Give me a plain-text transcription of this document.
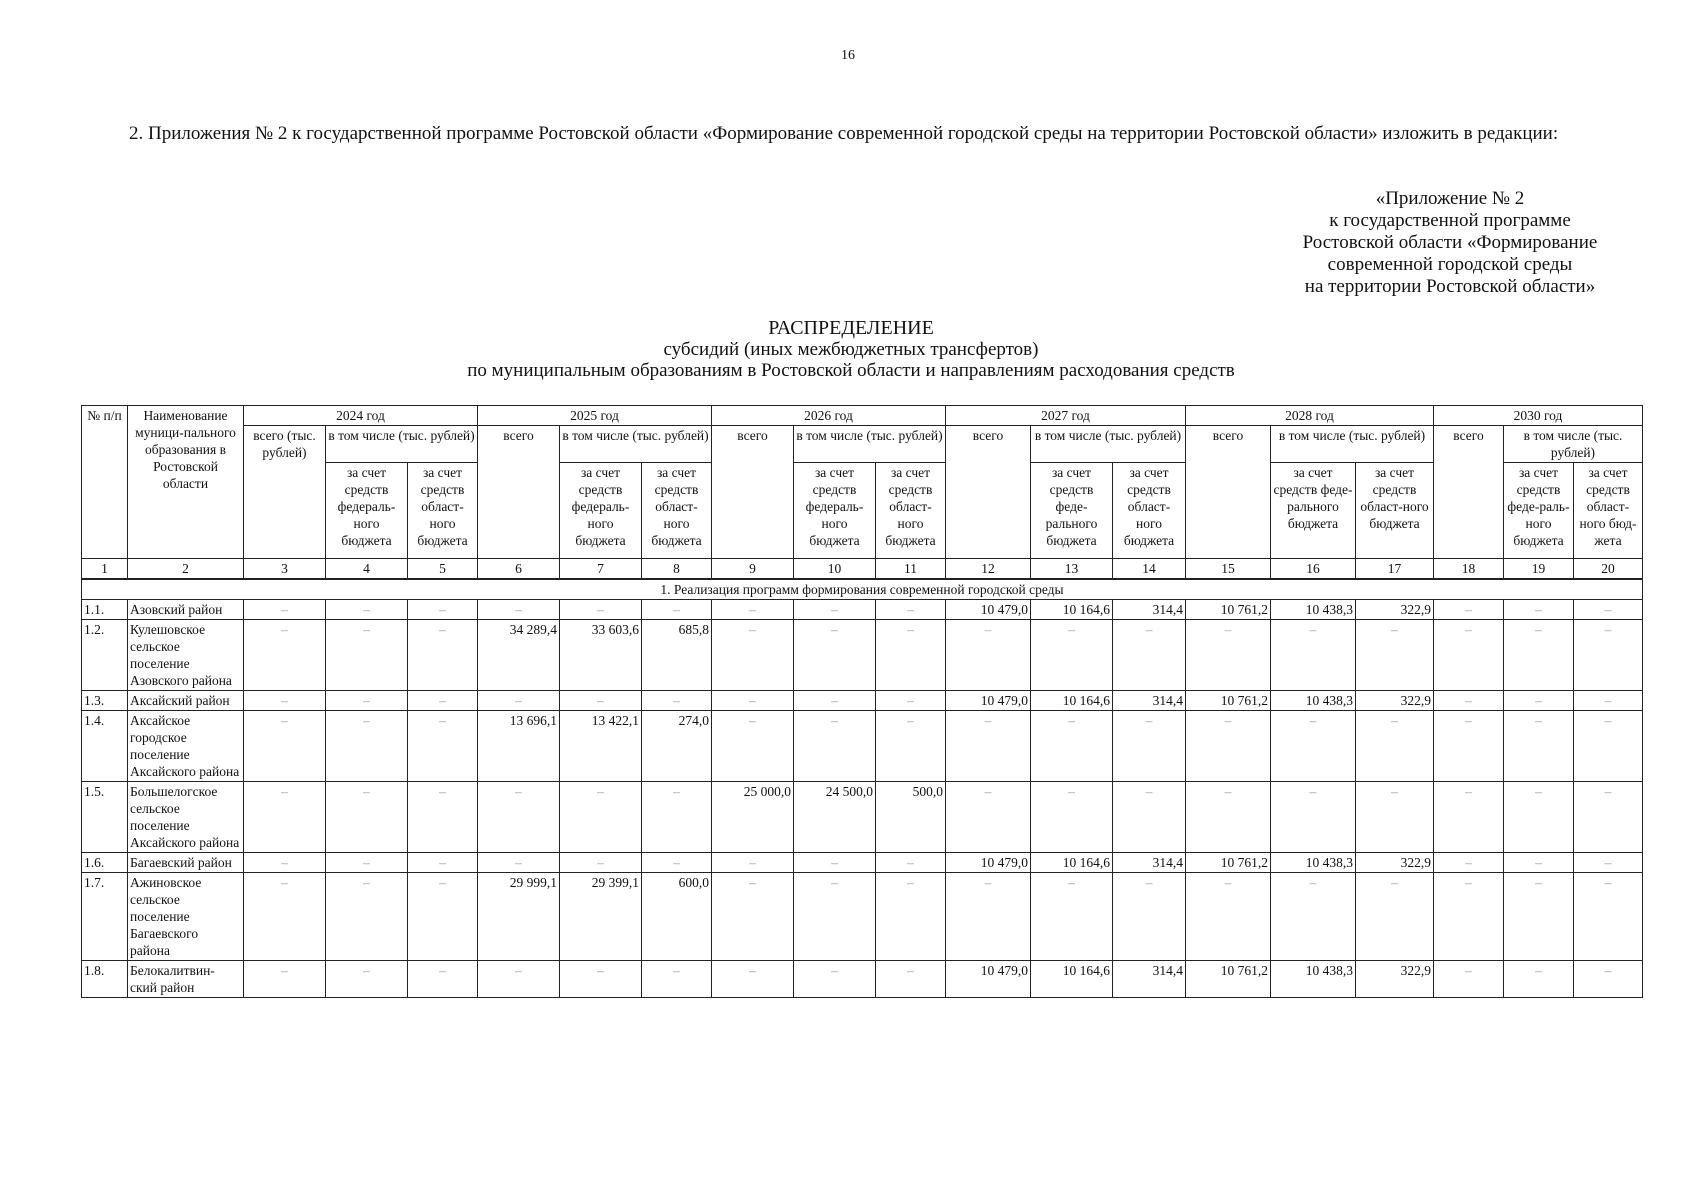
16
2. Приложения № 2 к государственной программе Ростовской области «Формирование современной городской среды на территории Ростовской области» изложить в редакции:
«Приложение № 2
к государственной программе
Ростовской области «Формирование
современной городской среды
на территории Ростовской области»
РАСПРЕДЕЛЕНИЕ
субсидий (иных межбюджетных трансфертов)
по муниципальным образованиям в Ростовской области и направлениям расходования средств
№ п/п	Наименование муници-пального образования в Ростовской области	2024 год			2025 год			2026 год			2027 год			2028 год			2030 год		
		всего (тыс. рублей)	в том числе (тыс. рублей)		всего	в том числе (тыс. рублей)		всего	в том числе (тыс. рублей)		всего	в том числе (тыс. рублей)		всего	в том числе (тыс. рублей)		всего	в том числе (тыс. рублей)	
			за счет средств федераль-ного бюджета	за счет средств област-ного бюджета		за счет средств федераль-ного бюджета	за счет средств област-ного бюджета		за счет средств федераль-ного бюджета	за счет средств област-ного бюджета		за счет средств феде-рального бюджета	за счет средств област-ного бюджета		за счет средств феде-рального бюджета	за счет средств област-ного бюджета		за счет средств феде-раль-ного бюджета	за счет средств област-ного бюд-жета
1	2	3	4	5	6	7	8	9	10	11	12	13	14	15	16	17	18	19	20
1. Реализация программ формирования современной городской среды																			
1.1.	Азовский район	–	–	–	–	–	–	–	–	–	10 479,0	10 164,6	314,4	10 761,2	10 438,3	322,9	–	–	–
1.2.	Кулешовское сельское поселение Азовского района	–	–	–	34 289,4	33 603,6	685,8	–	–	–	–	–	–	–	–	–	–	–	–
1.3.	Аксайский район	–	–	–	–	–	–	–	–	–	10 479,0	10 164,6	314,4	10 761,2	10 438,3	322,9	–	–	–
1.4.	Аксайское городское поселение Аксайского района	–	–	–	13 696,1	13 422,1	274,0	–	–	–	–	–	–	–	–	–	–	–	–
1.5.	Большелогское сельское поселение Аксайского района	–	–	–	–	–	–	25 000,0	24 500,0	500,0	–	–	–	–	–	–	–	–	–
1.6.	Багаевский район	–	–	–	–	–	–	–	–	–	10 479,0	10 164,6	314,4	10 761,2	10 438,3	322,9	–	–	–
1.7.	Ажиновское сельское поселение Багаевского района	–	–	–	29 999,1	29 399,1	600,0	–	–	–	–	–	–	–	–	–	–	–	–
1.8.	Белокалитвин-ский район	–	–	–	–	–	–	–	–	–	10 479,0	10 164,6	314,4	10 761,2	10 438,3	322,9	–	–	–
